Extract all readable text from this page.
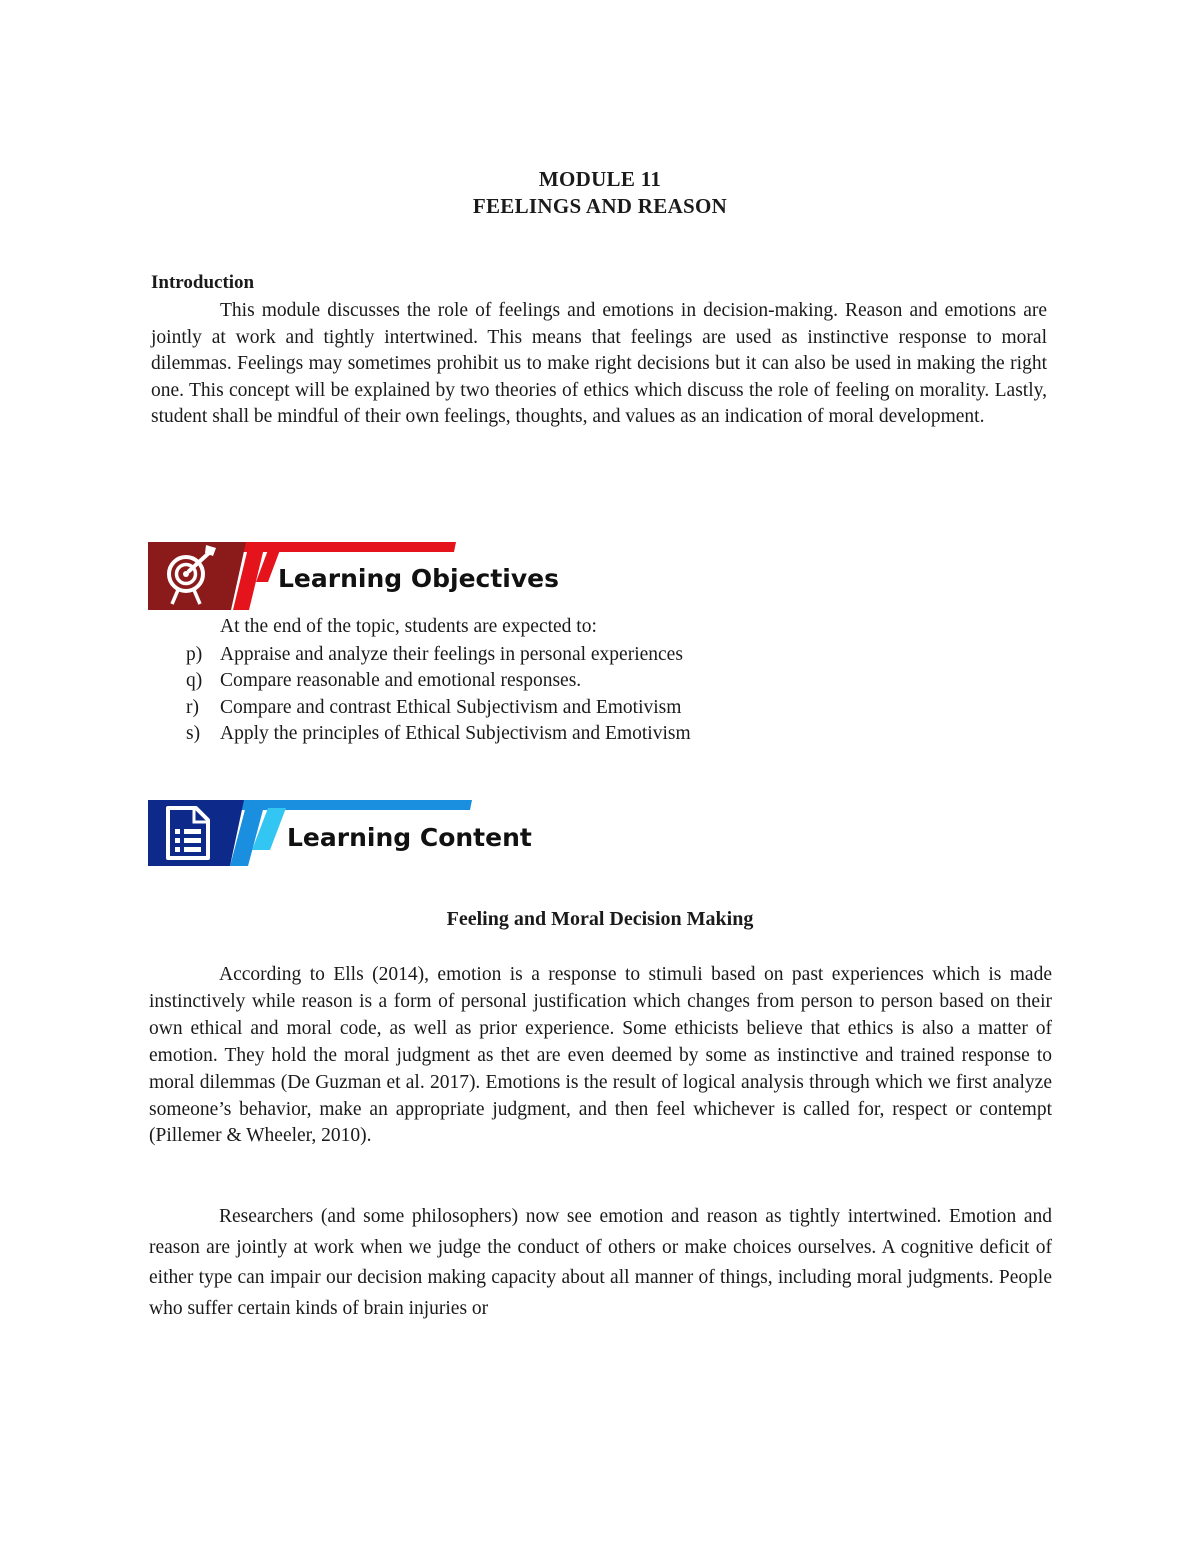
MODULE 11
FEELINGS AND REASON
Introduction

This module discusses the role of feelings and emotions in decision-making. Reason and emotions are jointly at work and tightly intertwined. This means that feelings are used as instinctive response to moral dilemmas. Feelings may sometimes prohibit us to make right decisions but it can also be used in making the right one. This concept will be explained by two theories of ethics which discuss the role of feeling on morality. Lastly, student shall be mindful of their own feelings, thoughts, and values as an indication of moral development.

Learning Objectives
At the end of the topic, students are expected to:
p) Appraise and analyze their feelings in personal experiences
q) Compare reasonable and emotional responses.
r) Compare and contrast Ethical Subjectivism and Emotivism
s) Apply the principles of Ethical Subjectivism and Emotivism
Learning Content
Feeling and Moral Decision Making

According to Ells (2014), emotion is a response to stimuli based on past experiences which is made instinctively while reason is a form of personal justification which changes from person to person based on their own ethical and moral code, as well as prior experience. Some ethicists believe that ethics is also a matter of emotion. They hold the moral judgment as thet are even deemed by some as instinctive and trained response to moral dilemmas (De Guzman et al. 2017). Emotions is the result of logical analysis through which we first analyze someone’s behavior, make an appropriate judgment, and then feel whichever is called for, respect or contempt (Pillemer & Wheeler, 2010).

Researchers (and some philosophers) now see emotion and reason as tightly intertwined. Emotion and reason are jointly at work when we judge the conduct of others or make choices ourselves. A cognitive deficit of either type can impair our decision making capacity about all manner of things, including moral judgments. People who suffer certain kinds of brain injuries or
